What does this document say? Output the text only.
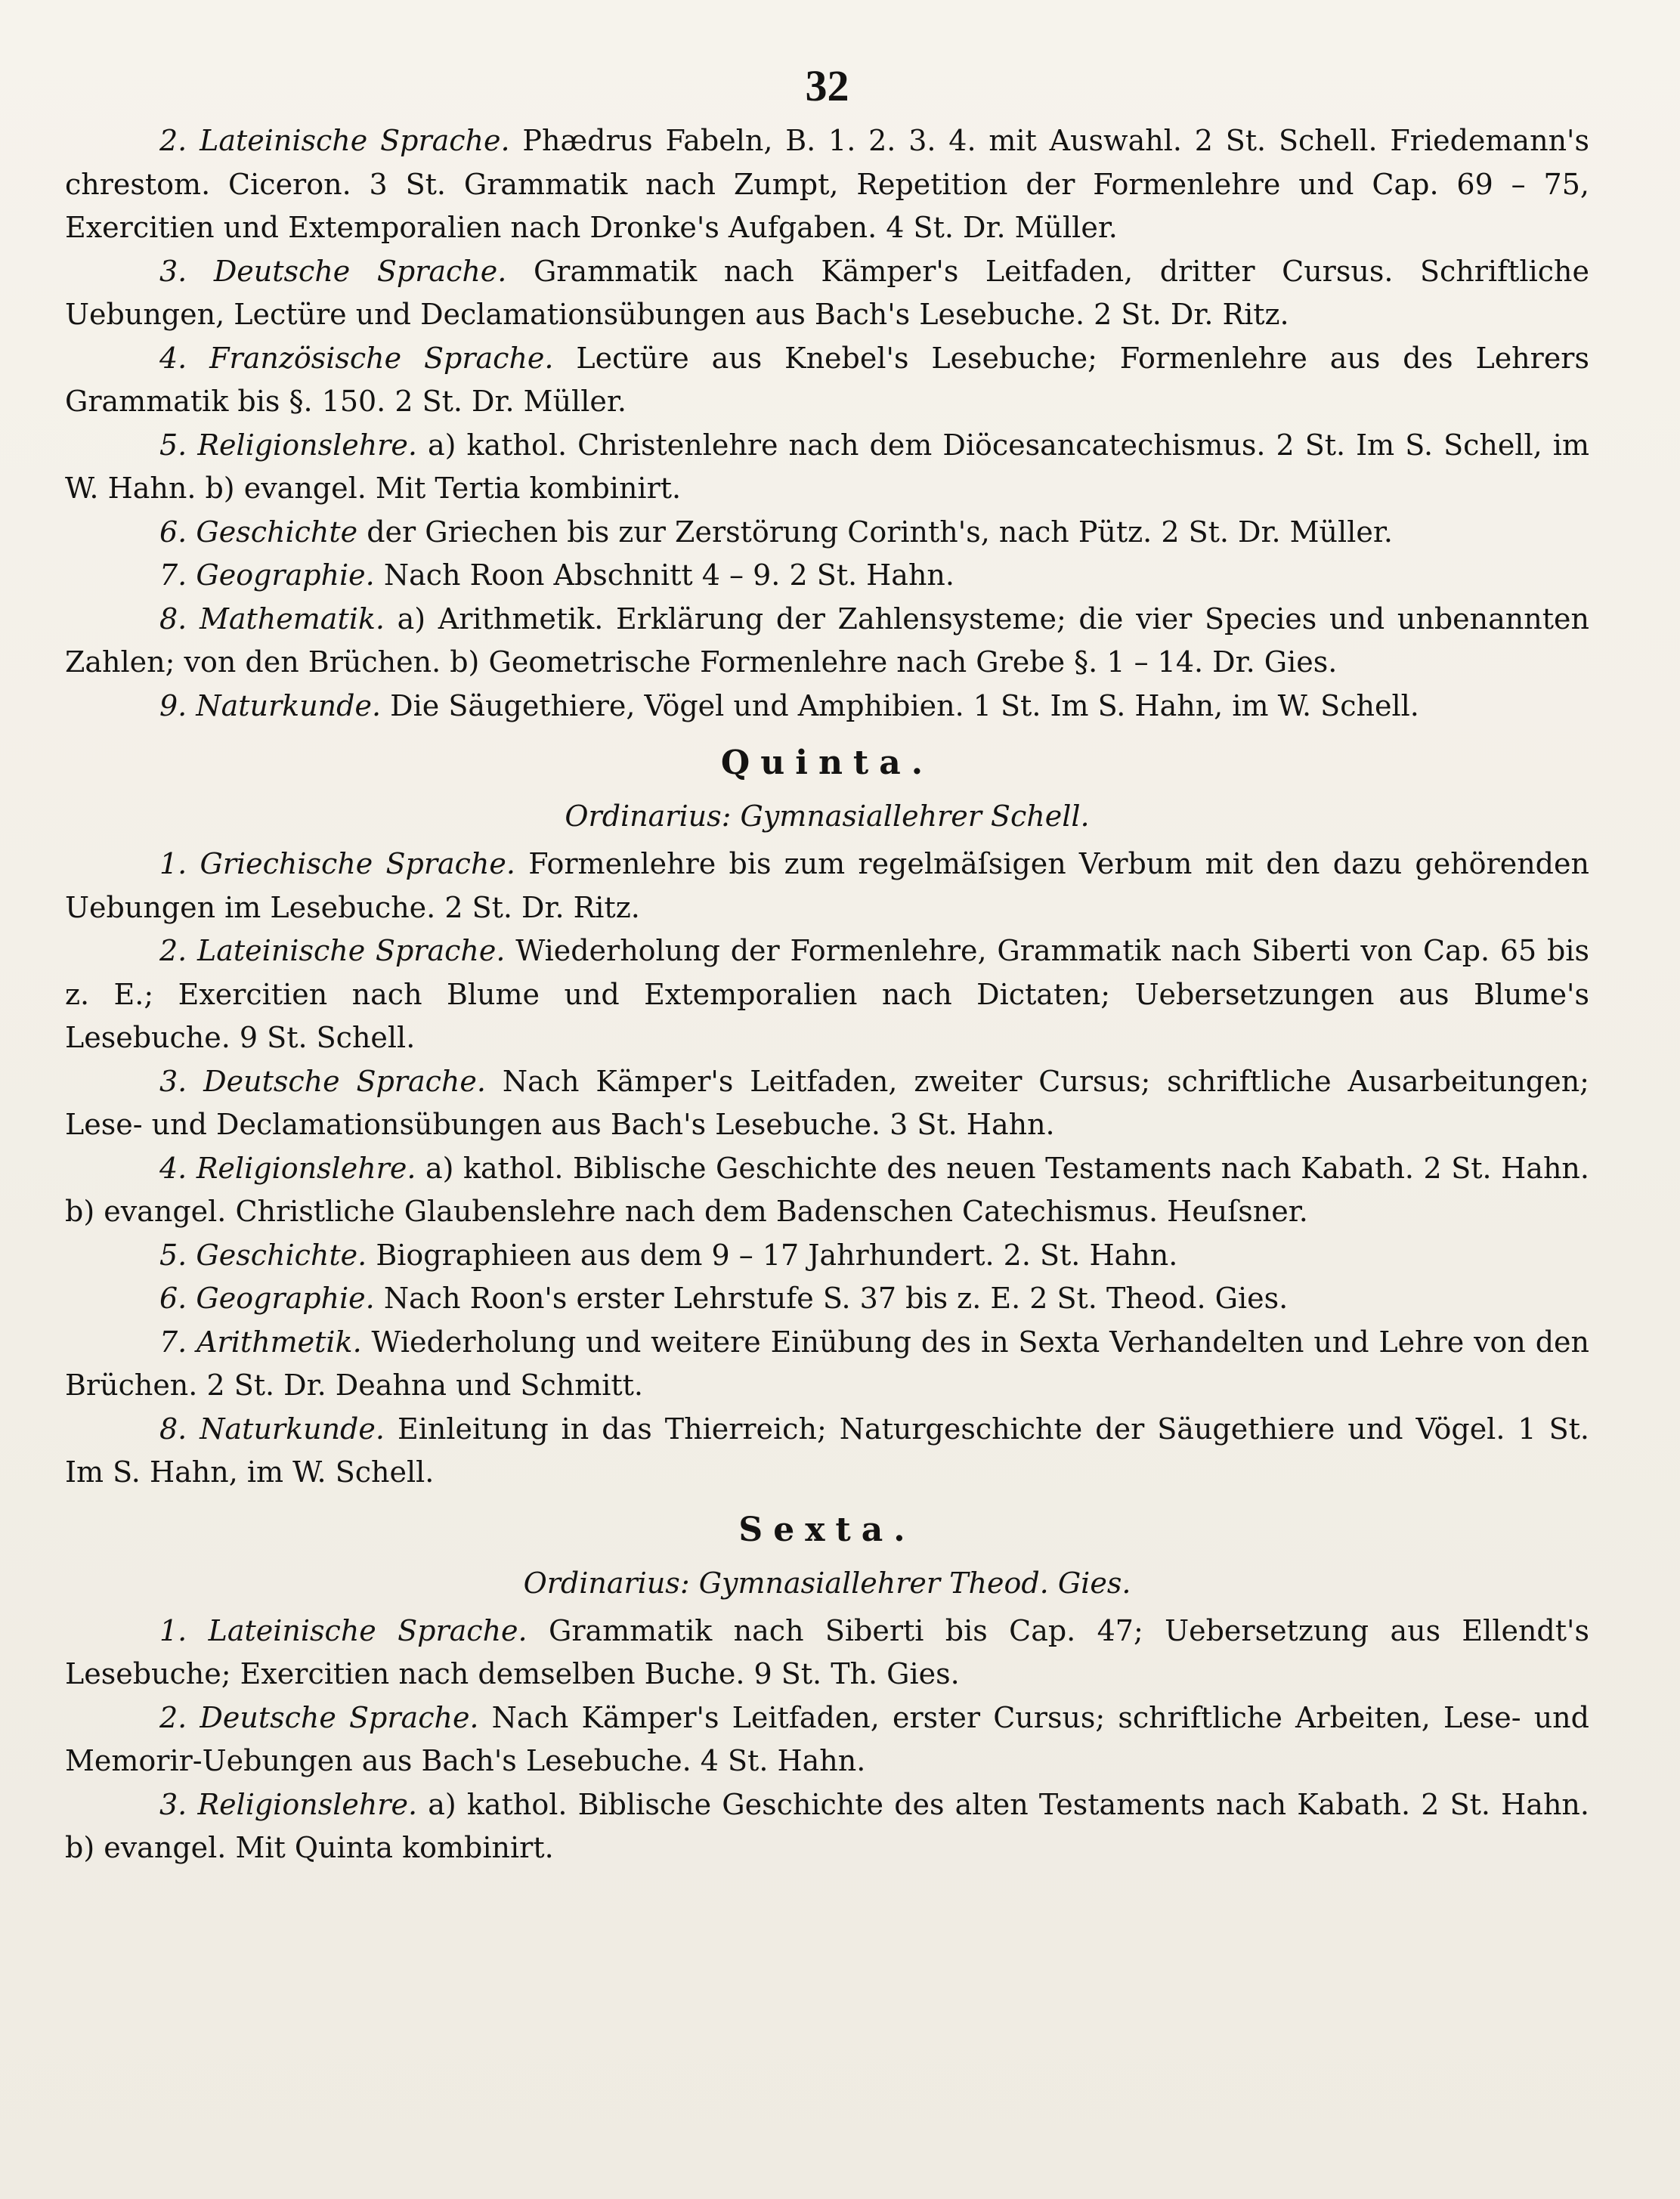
32

2. Lateinische Sprache. Phædrus Fabeln, B. 1. 2. 3. 4. mit Auswahl. 2 St. Schell. Friedemann's chrestom. Ciceron. 3 St. Grammatik nach Zumpt, Repetition der Formenlehre und Cap. 69 – 75, Exercitien und Extemporalien nach Dronke's Aufgaben. 4 St. Dr. Müller.

3. Deutsche Sprache. Grammatik nach Kämper's Leitfaden, dritter Cursus. Schriftliche Uebungen, Lectüre und Declamationsübungen aus Bach's Lesebuche. 2 St. Dr. Ritz.

4. Französische Sprache. Lectüre aus Knebel's Lesebuche; Formenlehre aus des Lehrers Grammatik bis §. 150. 2 St. Dr. Müller.

5. Religionslehre. a) kathol. Christenlehre nach dem Diöcesancatechismus. 2 St. Im S. Schell, im W. Hahn. b) evangel. Mit Tertia kombinirt.

6. Geschichte der Griechen bis zur Zerstörung Corinth's, nach Pütz. 2 St. Dr. Müller.

7. Geographie. Nach Roon Abschnitt 4 – 9. 2 St. Hahn.

8. Mathematik. a) Arithmetik. Erklärung der Zahlensysteme; die vier Species und unbenannten Zahlen; von den Brüchen. b) Geometrische Formenlehre nach Grebe §. 1 – 14. Dr. Gies.

9. Naturkunde. Die Säugethiere, Vögel und Amphibien. 1 St. Im S. Hahn, im W. Schell.

Quinta.
Ordinarius: Gymnasiallehrer Schell.

1. Griechische Sprache. Formenlehre bis zum regelmäſsigen Verbum mit den dazu gehörenden Uebungen im Lesebuche. 2 St. Dr. Ritz.

2. Lateinische Sprache. Wiederholung der Formenlehre, Grammatik nach Siberti von Cap. 65 bis z. E.; Exercitien nach Blume und Extemporalien nach Dictaten; Uebersetzungen aus Blume's Lesebuche. 9 St. Schell.

3. Deutsche Sprache. Nach Kämper's Leitfaden, zweiter Cursus; schriftliche Ausarbeitungen; Lese- und Declamationsübungen aus Bach's Lesebuche. 3 St. Hahn.

4. Religionslehre. a) kathol. Biblische Geschichte des neuen Testaments nach Kabath. 2 St. Hahn. b) evangel. Christliche Glaubenslehre nach dem Badenschen Catechismus. Heuſsner.

5. Geschichte. Biographieen aus dem 9 – 17 Jahrhundert. 2. St. Hahn.

6. Geographie. Nach Roon's erster Lehrstufe S. 37 bis z. E. 2 St. Theod. Gies.

7. Arithmetik. Wiederholung und weitere Einübung des in Sexta Verhandelten und Lehre von den Brüchen. 2 St. Dr. Deahna und Schmitt.

8. Naturkunde. Einleitung in das Thierreich; Naturgeschichte der Säugethiere und Vögel. 1 St. Im S. Hahn, im W. Schell.

Sexta.
Ordinarius: Gymnasiallehrer Theod. Gies.

1. Lateinische Sprache. Grammatik nach Siberti bis Cap. 47; Uebersetzung aus Ellendt's Lesebuche; Exercitien nach demselben Buche. 9 St. Th. Gies.

2. Deutsche Sprache. Nach Kämper's Leitfaden, erster Cursus; schriftliche Arbeiten, Lese- und Memorir-Uebungen aus Bach's Lesebuche. 4 St. Hahn.

3. Religionslehre. a) kathol. Biblische Geschichte des alten Testaments nach Kabath. 2 St. Hahn. b) evangel. Mit Quinta kombinirt.
